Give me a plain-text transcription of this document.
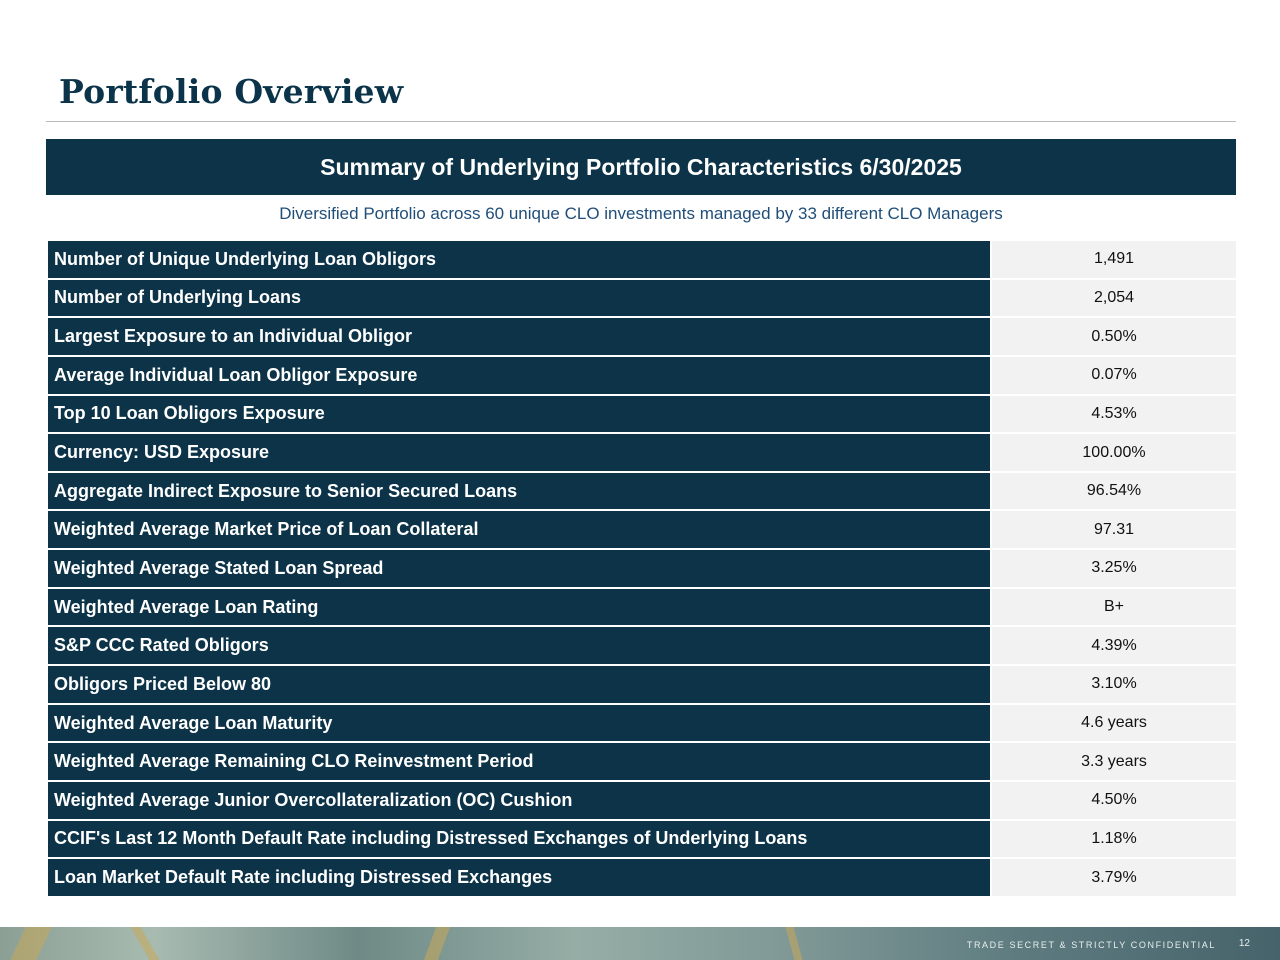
Portfolio Overview
Summary of Underlying Portfolio Characteristics 6/30/2025
Diversified Portfolio across 60 unique CLO investments managed by 33 different CLO Managers
Number of Unique Underlying Loan Obligors	1,491
Number of Underlying Loans	2,054
Largest Exposure to an Individual Obligor	0.50%
Average Individual Loan Obligor Exposure	0.07%
Top 10 Loan Obligors Exposure	4.53%
Currency: USD Exposure	100.00%
Aggregate Indirect Exposure to Senior Secured Loans	96.54%
Weighted Average Market Price of Loan Collateral	97.31
Weighted Average Stated Loan Spread	3.25%
Weighted Average Loan Rating	B+
S&P CCC Rated Obligors	4.39%
Obligors Priced Below 80	3.10%
Weighted Average Loan Maturity	4.6 years
Weighted Average Remaining CLO Reinvestment Period	3.3 years
Weighted Average Junior Overcollateralization (OC) Cushion	4.50%
CCIF's Last 12 Month Default Rate including Distressed Exchanges of Underlying Loans	1.18%
Loan Market Default Rate including Distressed Exchanges	3.79%
TRADE SECRET & STRICTLY CONFIDENTIAL 12
